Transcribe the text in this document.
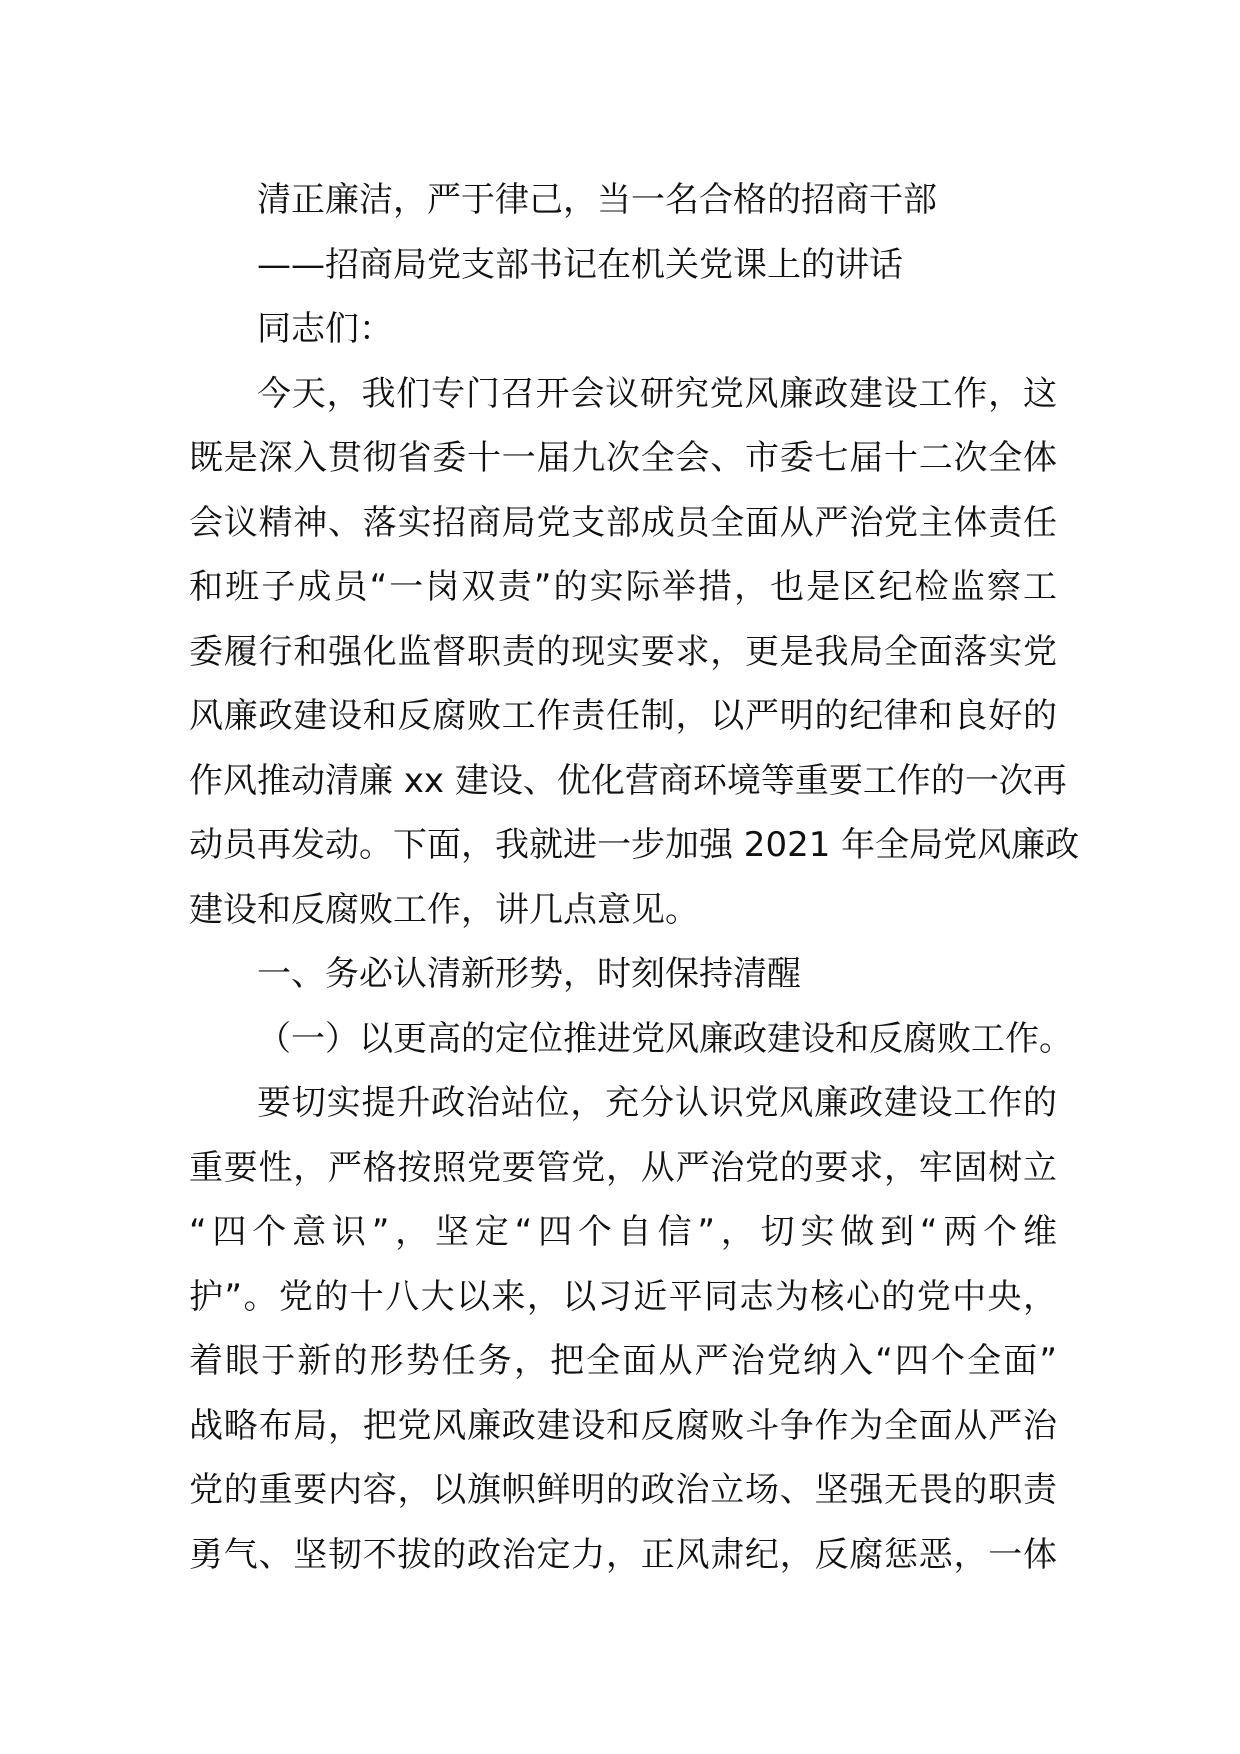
清正廉洁，严于律己，当一名合格的招商干部
——招商局党支部书记在机关党课上的讲话
同志们：
今天，我们专门召开会议研究党风廉政建设工作，这
既是深入贯彻省委十一届九次全会、市委七届十二次全体
会议精神、落实招商局党支部成员全面从严治党主体责任
和班子成员“一岗双责”的实际举措，也是区纪检监察工
委履行和强化监督职责的现实要求，更是我局全面落实党
风廉政建设和反腐败工作责任制，以严明的纪律和良好的
作风推动清廉 xx 建设、优化营商环境等重要工作的一次再
动员再发动。下面，我就进一步加强 2021 年全局党风廉政
建设和反腐败工作，讲几点意见。
一、务必认清新形势，时刻保持清醒
（一）以更高的定位推进党风廉政建设和反腐败工作。
要切实提升政治站位，充分认识党风廉政建设工作的
重要性，严格按照党要管党，从严治党的要求，牢固树立
“四个意识”，坚定“四个自信”，切实做到“两个维
护”。党的十八大以来，以习近平同志为核心的党中央，
着眼于新的形势任务，把全面从严治党纳入“四个全面”
战略布局，把党风廉政建设和反腐败斗争作为全面从严治
党的重要内容，以旗帜鲜明的政治立场、坚强无畏的职责
勇气、坚韧不拔的政治定力，正风肃纪，反腐惩恶，一体
